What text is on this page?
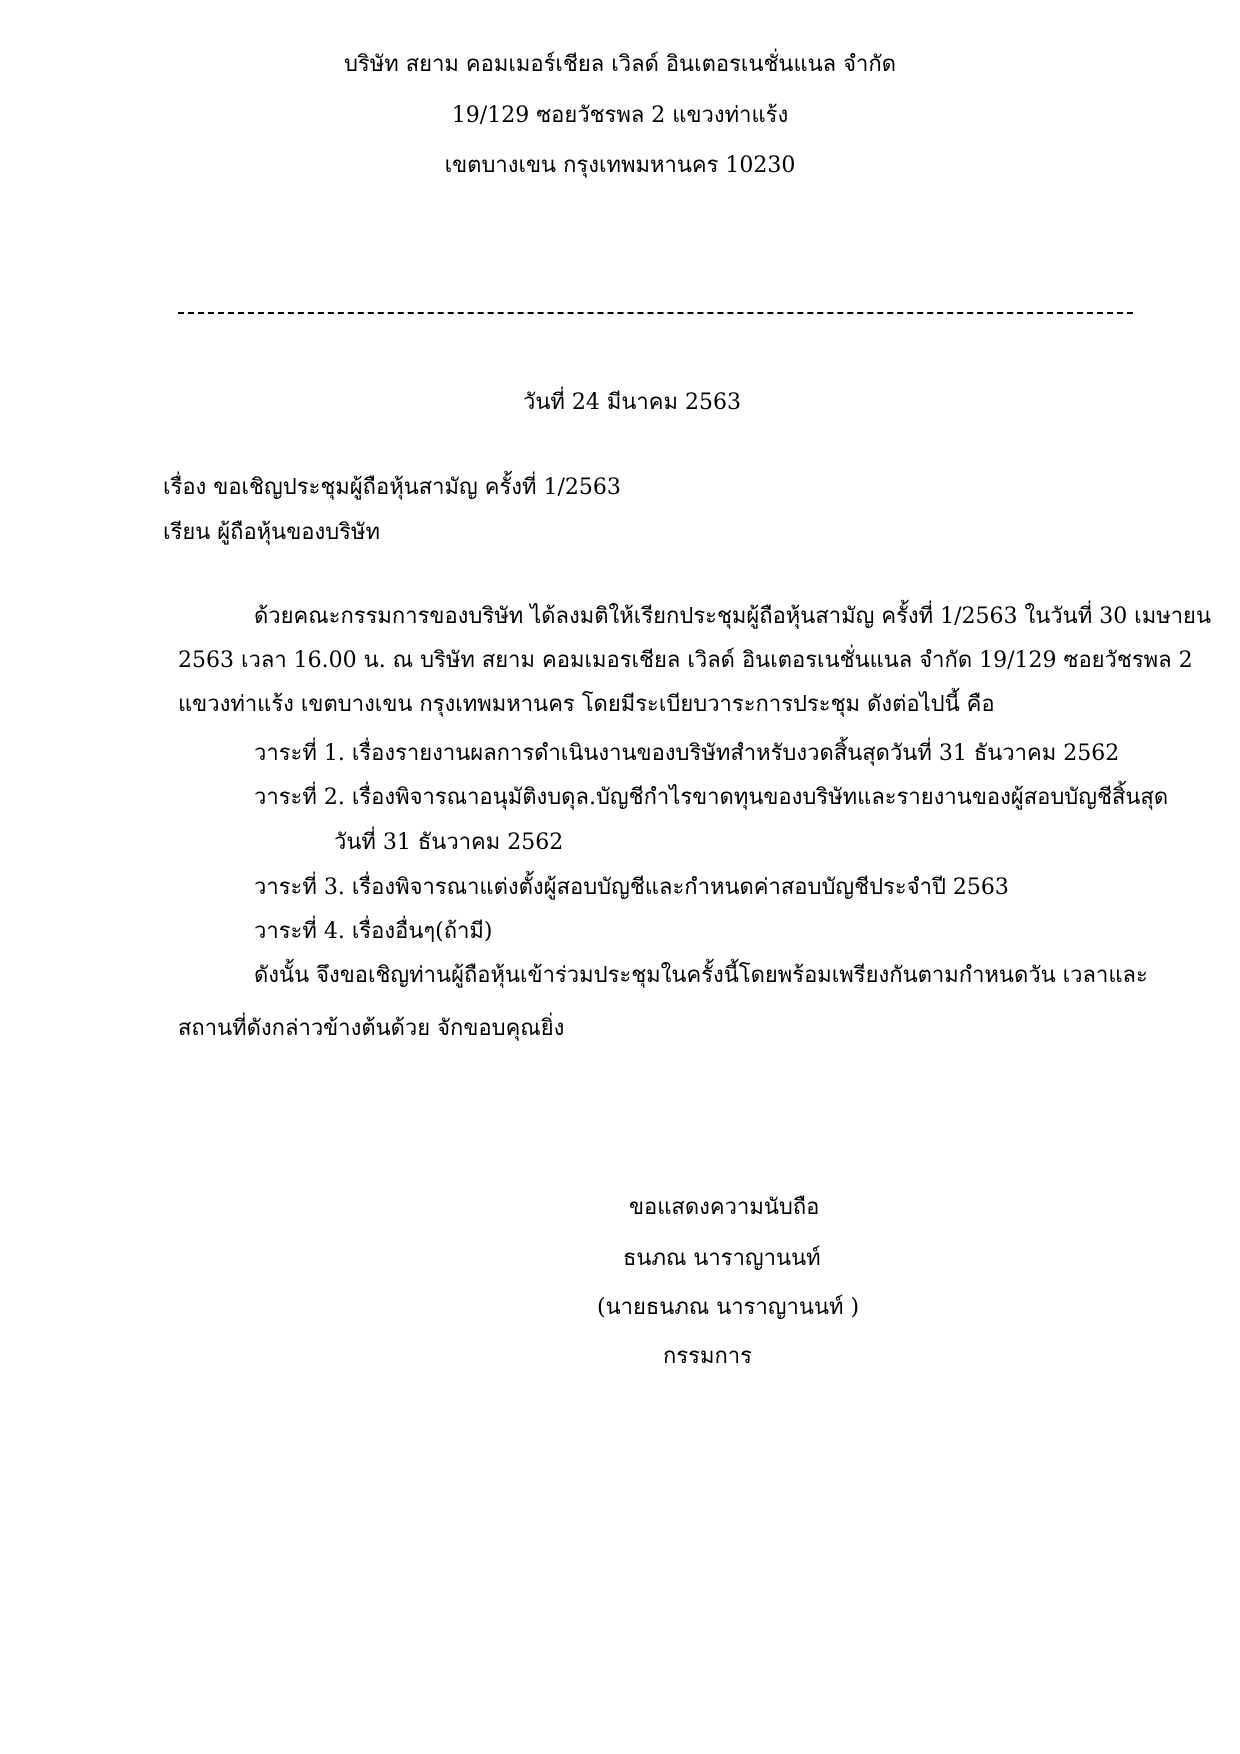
บริษัท สยาม คอมเมอร์เชียล เวิลด์ อินเตอรเนชั่นแนล จำกัด
19/129 ซอยวัชรพล 2 แขวงท่าแร้ง
เขตบางเขน กรุงเทพมหานคร 10230
วันที่ 24 มีนาคม 2563
เรื่อง ขอเชิญประชุมผู้ถือหุ้นสามัญ ครั้งที่ 1/2563
เรียน ผู้ถือหุ้นของบริษัท
ด้วยคณะกรรมการของบริษัท ได้ลงมติให้เรียกประชุมผู้ถือหุ้นสามัญ ครั้งที่ 1/2563 ในวันที่ 30 เมษายน
2563 เวลา 16.00 น. ณ บริษัท สยาม คอมเมอรเชียล เวิลด์ อินเตอรเนชั่นแนล จำกัด 19/129 ซอยวัชรพล 2
แขวงท่าแร้ง เขตบางเขน กรุงเทพมหานคร โดยมีระเบียบวาระการประชุม ดังต่อไปนี้ คือ
วาระที่ 1. เรื่องรายงานผลการดำเนินงานของบริษัทสำหรับงวดสิ้นสุดวันที่ 31 ธันวาคม 2562
วาระที่ 2. เรื่องพิจารณาอนุมัติงบดุล.บัญชีกำไรขาดทุนของบริษัทและรายงานของผู้สอบบัญชีสิ้นสุด
วันที่ 31 ธันวาคม 2562
วาระที่ 3. เรื่องพิจารณาแต่งตั้งผู้สอบบัญชีและกำหนดค่าสอบบัญชีประจำปี 2563
วาระที่ 4. เรื่องอื่นๆ(ถ้ามี)
ดังนั้น จึงขอเชิญท่านผู้ถือหุ้นเข้าร่วมประชุมในครั้งนี้โดยพร้อมเพรียงกันตามกำหนดวัน เวลาและ
สถานที่ดังกล่าวข้างต้นด้วย จักขอบคุณยิ่ง
ขอแสดงความนับถือ
ธนภณ นาราญานนท์
(นายธนภณ นาราญานนท์ )
กรรมการ
